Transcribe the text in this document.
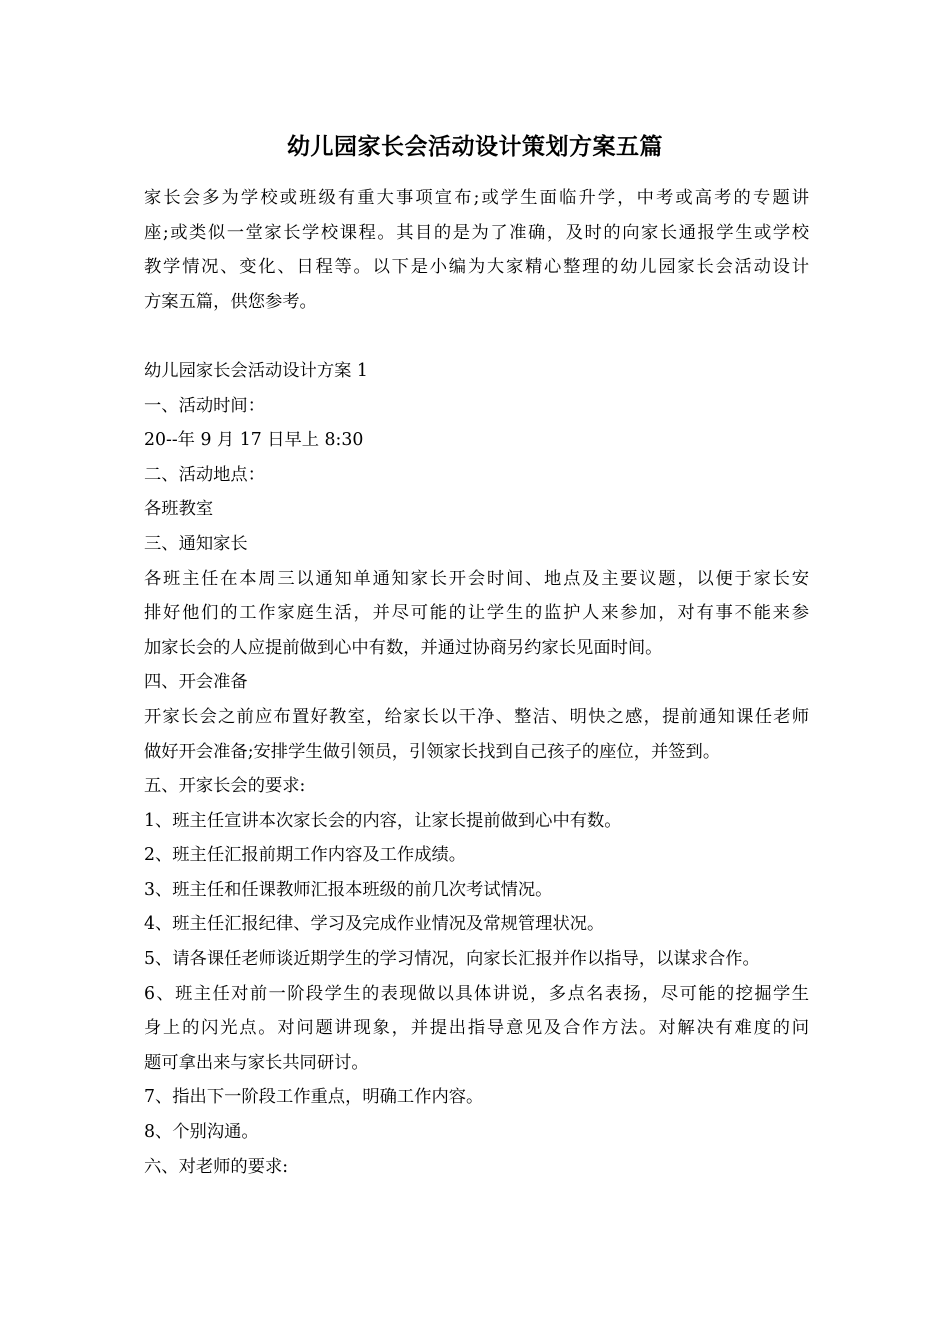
幼儿园家长会活动设计策划方案五篇
家长会多为学校或班级有重大事项宣布;或学生面临升学，中考或高考的专题讲
座;或类似一堂家长学校课程。其目的是为了准确，及时的向家长通报学生或学校
教学情况、变化、日程等。以下是小编为大家精心整理的幼儿园家长会活动设计
方案五篇，供您参考。
幼儿园家长会活动设计方案 1
一、活动时间：
20--年 9 月 17 日早上 8:30
二、活动地点：
各班教室
三、通知家长
各班主任在本周三以通知单通知家长开会时间、地点及主要议题，以便于家长安
排好他们的工作家庭生活，并尽可能的让学生的监护人来参加，对有事不能来参
加家长会的人应提前做到心中有数，并通过协商另约家长见面时间。
四、开会准备
开家长会之前应布置好教室，给家长以干净、整洁、明快之感，提前通知课任老师
做好开会准备;安排学生做引领员，引领家长找到自己孩子的座位，并签到。
五、开家长会的要求:
1、班主任宣讲本次家长会的内容，让家长提前做到心中有数。
2、班主任汇报前期工作内容及工作成绩。
3、班主任和任课教师汇报本班级的前几次考试情况。
4、班主任汇报纪律、学习及完成作业情况及常规管理状况。
5、请各课任老师谈近期学生的学习情况，向家长汇报并作以指导，以谋求合作。
6、班主任对前一阶段学生的表现做以具体讲说，多点名表扬，尽可能的挖掘学生
身上的闪光点。对问题讲现象，并提出指导意见及合作方法。对解决有难度的问
题可拿出来与家长共同研讨。
7、指出下一阶段工作重点，明确工作内容。
8、个别沟通。
六、对老师的要求:
